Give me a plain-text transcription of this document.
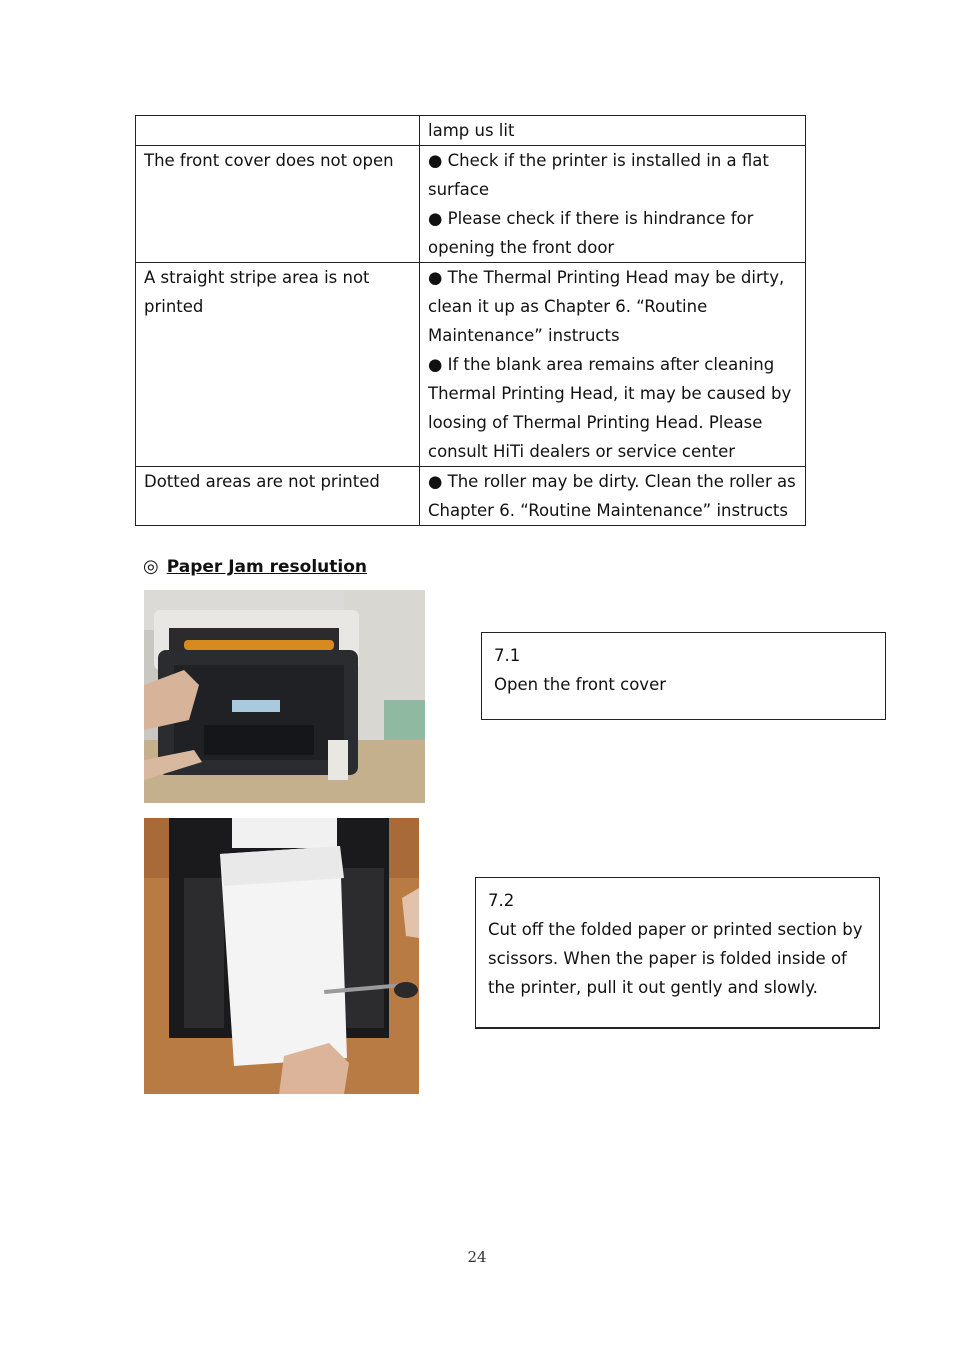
	lamp us lit

The front cover does not open	● Check if the printer is installed in a flat surface
● Please check if there is hindrance for opening the front door

A straight stripe area is not printed	● The Thermal Printing Head may be dirty, clean it up as Chapter 6. “Routine Maintenance” instructs
● If the blank area remains after cleaning Thermal Printing Head, it may be caused by loosing of Thermal Printing Head. Please consult HiTi dealers or service center

Dotted areas are not printed	● The roller may be dirty. Clean the roller as Chapter 6. “Routine Maintenance” instructs
◎ Paper Jam resolution
7.1
Open the front cover
7.2
Cut off the folded paper or printed section by scissors. When the paper is folded inside of the printer, pull it out gently and slowly.
24
